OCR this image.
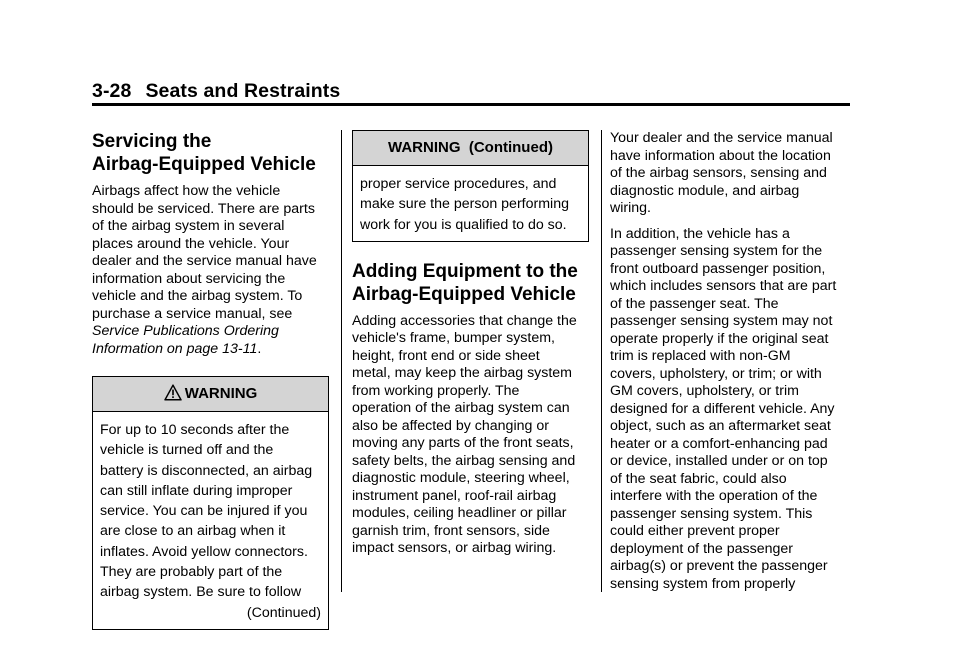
3-28 Seats and Restraints
Servicing the
Airbag-Equipped Vehicle

Airbags affect how the vehicle
should be serviced. There are parts
of the airbag system in several
places around the vehicle. Your
dealer and the service manual have
information about servicing the
vehicle and the airbag system. To
purchase a service manual, see
Service Publications Ordering
Information on page 13-11.

WARNING
For up to 10 seconds after the
vehicle is turned off and the
battery is disconnected, an airbag
can still inflate during improper
service. You can be injured if you
are close to an airbag when it
inflates. Avoid yellow connectors.
They are probably part of the
airbag system. Be sure to follow
(Continued)
WARNING  (Continued)
proper service procedures, and
make sure the person performing
work for you is qualified to do so.
Adding Equipment to the
Airbag-Equipped Vehicle

Adding accessories that change the
vehicle's frame, bumper system,
height, front end or side sheet
metal, may keep the airbag system
from working properly. The
operation of the airbag system can
also be affected by changing or
moving any parts of the front seats,
safety belts, the airbag sensing and
diagnostic module, steering wheel,
instrument panel, roof-rail airbag
modules, ceiling headliner or pillar
garnish trim, front sensors, side
impact sensors, or airbag wiring.

Your dealer and the service manual
have information about the location
of the airbag sensors, sensing and
diagnostic module, and airbag
wiring.

In addition, the vehicle has a
passenger sensing system for the
front outboard passenger position,
which includes sensors that are part
of the passenger seat. The
passenger sensing system may not
operate properly if the original seat
trim is replaced with non-GM
covers, upholstery, or trim; or with
GM covers, upholstery, or trim
designed for a different vehicle. Any
object, such as an aftermarket seat
heater or a comfort-enhancing pad
or device, installed under or on top
of the seat fabric, could also
interfere with the operation of the
passenger sensing system. This
could either prevent proper
deployment of the passenger
airbag(s) or prevent the passenger
sensing system from properly
